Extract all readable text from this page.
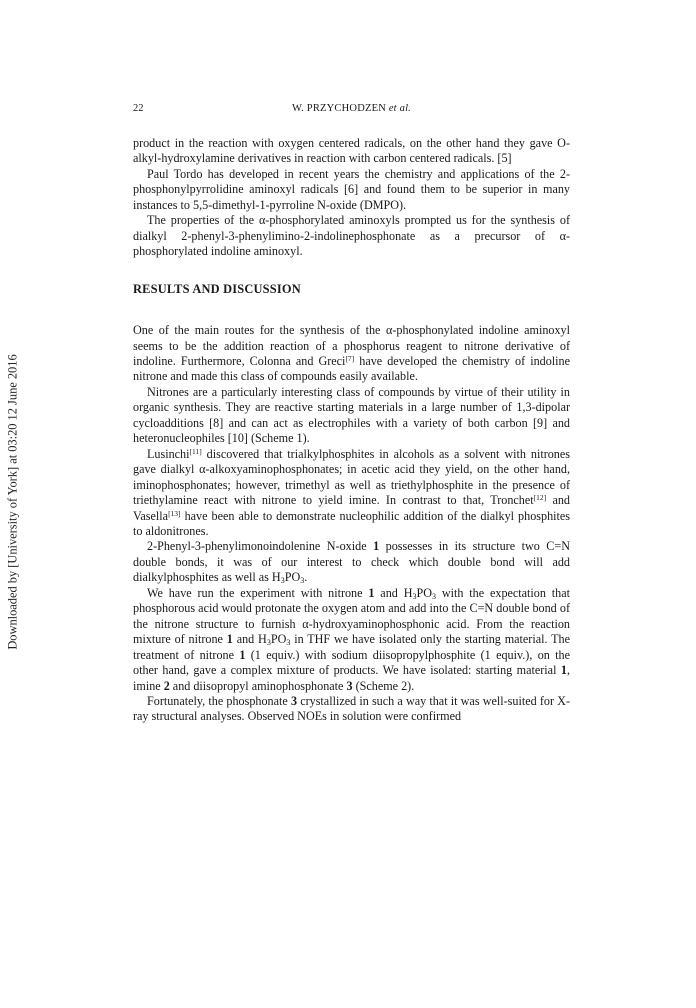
Downloaded by [University of York] at 03:20 12 June 2016
22	W. PRZYCHODZEN et al.

product in the reaction with oxygen centered radicals, on the other hand they gave O-alkyl-hydroxylamine derivatives in reaction with carbon centered radicals. [5]

Paul Tordo has developed in recent years the chemistry and applications of the 2-phosphonylpyrrolidine aminoxyl radicals [6] and found them to be superior in many instances to 5,5-dimethyl-1-pyrroline N-oxide (DMPO).

The properties of the α-phosphorylated aminoxyls prompted us for the synthesis of dialkyl 2-phenyl-3-phenylimino-2-indolinephosphonate as a precursor of α-phosphorylated indoline aminoxyl.

RESULTS AND DISCUSSION

One of the main routes for the synthesis of the α-phosphonylated indoline aminoxyl seems to be the addition reaction of a phosphorus reagent to nitrone derivative of indoline. Furthermore, Colonna and Greci[7] have developed the chemistry of indoline nitrone and made this class of compounds easily available.

Nitrones are a particularly interesting class of compounds by virtue of their utility in organic synthesis. They are reactive starting materials in a large number of 1,3-dipolar cycloadditions [8] and can act as electrophiles with a variety of both carbon [9] and heteronucleophiles [10] (Scheme 1).

Lusinchi[11] discovered that trialkylphosphites in alcohols as a solvent with nitrones gave dialkyl α-alkoxyaminophosphonates; in acetic acid they yield, on the other hand, iminophosphonates; however, trimethyl as well as triethylphosphite in the presence of triethylamine react with nitrone to yield imine. In contrast to that, Tronchet[12] and Vasella[13] have been able to demonstrate nucleophilic addition of the dialkyl phosphites to aldonitrones.

2-Phenyl-3-phenylimonoindolenine N-oxide 1 possesses in its structure two C=N double bonds, it was of our interest to check which double bond will add dialkylphosphites as well as $H_3PO_3$.

We have run the experiment with nitrone 1 and $H_3PO_3$ with the expectation that phosphorous acid would protonate the oxygen atom and add into the C=N double bond of the nitrone structure to furnish α-hydroxyaminophosphonic acid. From the reaction mixture of nitrone 1 and $H_3PO_3$ in THF we have isolated only the starting material. The treatment of nitrone 1 (1 equiv.) with sodium diisopropylphosphite (1 equiv.), on the other hand, gave a complex mixture of products. We have isolated: starting material 1, imine 2 and diisopropyl aminophosphonate 3 (Scheme 2).

Fortunately, the phosphonate 3 crystallized in such a way that it was well-suited for X-ray structural analyses. Observed NOEs in solution were confirmed
